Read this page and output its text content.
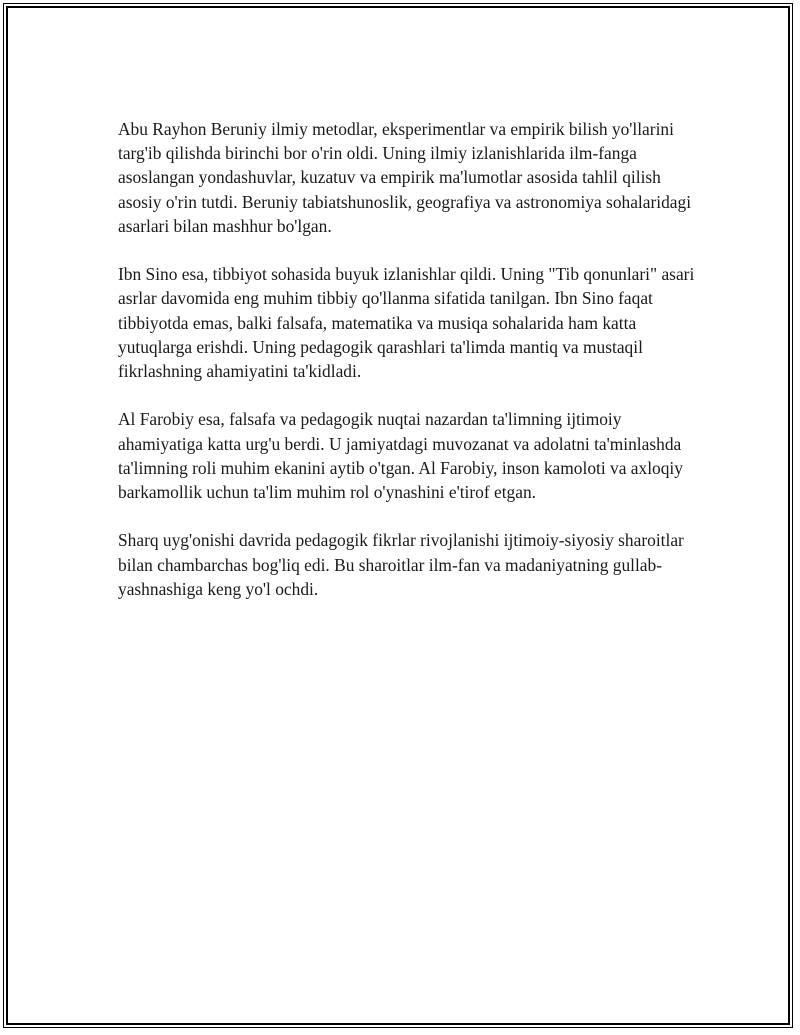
Abu Rayhon Beruniy ilmiy metodlar, eksperimentlar va empirik bilish yo'llarini targ'ib qilishda birinchi bor o'rin oldi. Uning ilmiy izlanishlarida ilm-fanga asoslangan yondashuvlar, kuzatuv va empirik ma'lumotlar asosida tahlil qilish asosiy o'rin tutdi. Beruniy tabiatshunoslik, geografiya va astronomiya sohalaridagi asarlari bilan mashhur bo'lgan.

Ibn Sino esa, tibbiyot sohasida buyuk izlanishlar qildi. Uning "Tib qonunlari" asari asrlar davomida eng muhim tibbiy qo'llanma sifatida tanilgan. Ibn Sino faqat tibbiyotda emas, balki falsafa, matematika va musiqa sohalarida ham katta yutuqlarga erishdi. Uning pedagogik qarashlari ta'limda mantiq va mustaqil fikrlashning ahamiyatini ta'kidladi.

Al Farobiy esa, falsafa va pedagogik nuqtai nazardan ta'limning ijtimoiy ahamiyatiga katta urg'u berdi. U jamiyatdagi muvozanat va adolatni ta'minlashda ta'limning roli muhim ekanini aytib o'tgan. Al Farobiy, inson kamoloti va axloqiy barkamollik uchun ta'lim muhim rol o'ynashini e'tirof etgan.

Sharq uyg'onishi davrida pedagogik fikrlar rivojlanishi ijtimoiy-siyosiy sharoitlar bilan chambarchas bog'liq edi. Bu sharoitlar ilm-fan va madaniyatning gullab-yashnashiga keng yo'l ochdi.
